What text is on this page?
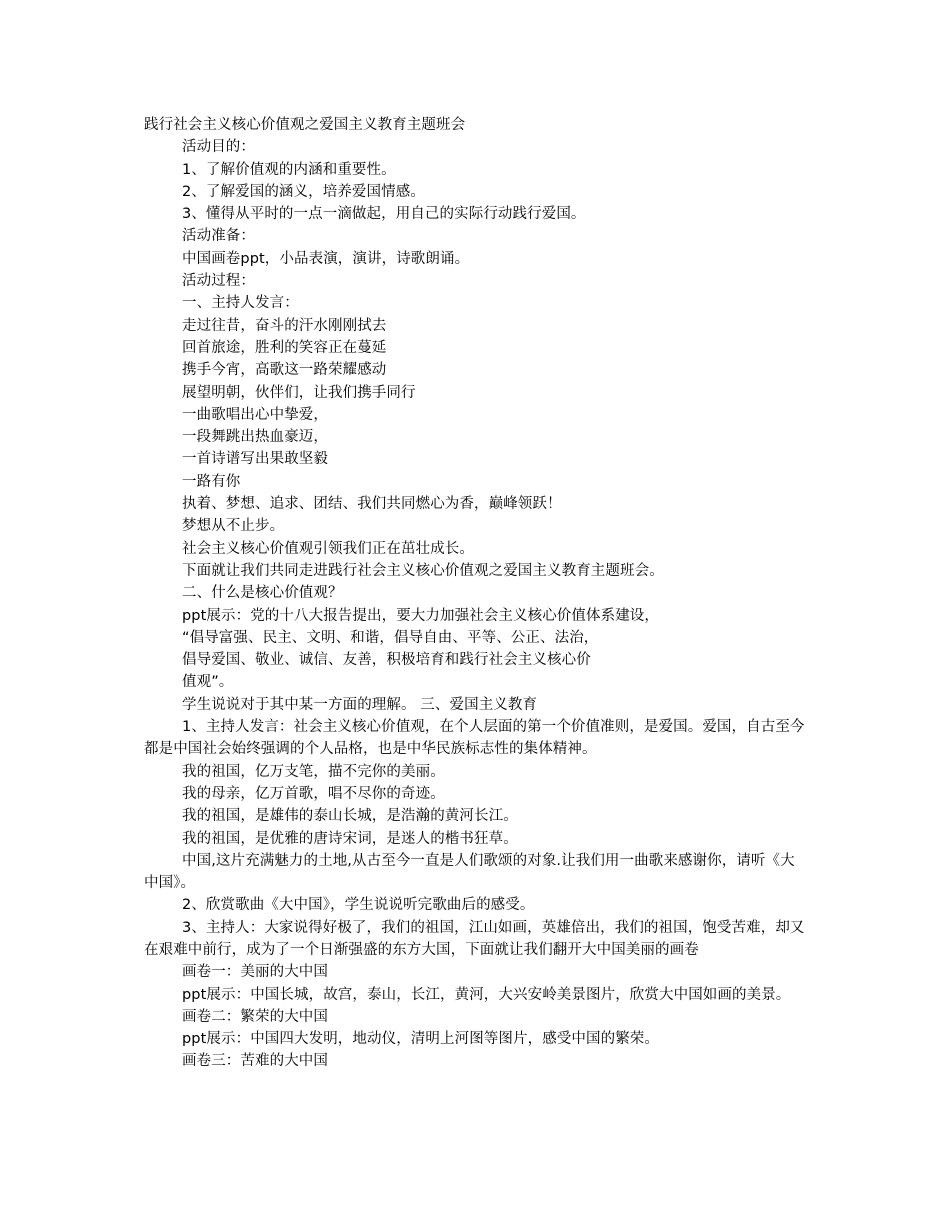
践行社会主义核心价值观之爱国主义教育主题班会
活动目的：
1、了解价值观的内涵和重要性。
2、了解爱国的涵义，培养爱国情感。
3、懂得从平时的一点一滴做起，用自己的实际行动践行爱国。
活动准备：
中国画卷ppt，小品表演，演讲，诗歌朗诵。
活动过程：
一、主持人发言：
走过往昔，奋斗的汗水刚刚拭去
回首旅途，胜利的笑容正在蔓延
携手今宵，高歌这一路荣耀感动
展望明朝，伙伴们，让我们携手同行
一曲歌唱出心中挚爱，
一段舞跳出热血豪迈，
一首诗谱写出果敢坚毅
一路有你
执着、梦想、追求、团结、我们共同燃心为香，巅峰领跃！
梦想从不止步。
社会主义核心价值观引领我们正在茁壮成长。
下面就让我们共同走进践行社会主义核心价值观之爱国主义教育主题班会。
二、什么是核心价值观？
ppt展示：党的十八大报告提出，要大力加强社会主义核心价值体系建设，
“倡导富强、民主、文明、和谐，倡导自由、平等、公正、法治，
倡导爱国、敬业、诚信、友善，积极培育和践行社会主义核心价
值观”。
学生说说对于其中某一方面的理解。 三、爱国主义教育
1、主持人发言：社会主义核心价值观，在个人层面的第一个价值准则，是爱国。爱国，自古至今都是中国社会始终强调的个人品格，也是中华民族标志性的集体精神。
我的祖国，亿万支笔，描不完你的美丽。
我的母亲，亿万首歌，唱不尽你的奇迹。
我的祖国，是雄伟的泰山长城，是浩瀚的黄河长江。
我的祖国，是优雅的唐诗宋词，是迷人的楷书狂草。
中国,这片充满魅力的土地,从古至今一直是人们歌颂的对象.让我们用一曲歌来感谢你，请听《大中国》。
2、欣赏歌曲《大中国》，学生说说听完歌曲后的感受。
3、主持人：大家说得好极了，我们的祖国，江山如画，英雄倍出，我们的祖国，饱受苦难，却又在艰难中前行，成为了一个日渐强盛的东方大国，下面就让我们翻开大中国美丽的画卷
画卷一：美丽的大中国
ppt展示：中国长城，故宫，泰山，长江，黄河，大兴安岭美景图片，欣赏大中国如画的美景。
画卷二：繁荣的大中国
ppt展示：中国四大发明，地动仪，清明上河图等图片，感受中国的繁荣。
画卷三：苦难的大中国
